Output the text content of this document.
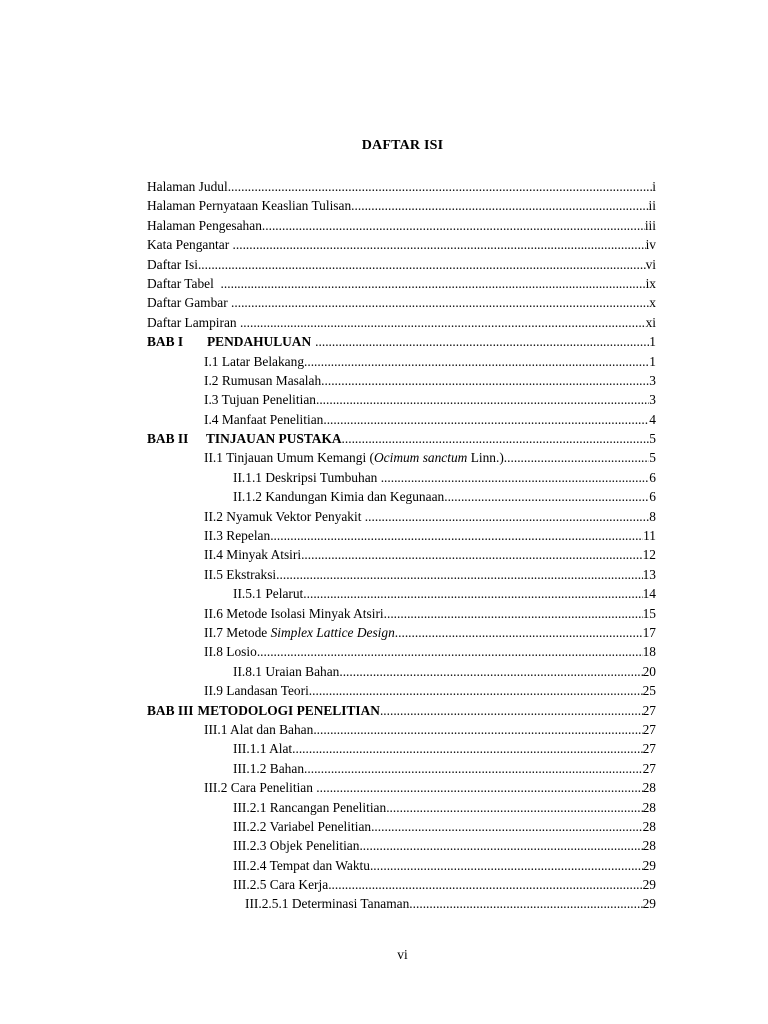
DAFTAR ISI
Halaman Judul .....	i
Halaman Pernyataan Keaslian Tulisan .....	ii
Halaman Pengesahan .....	iii
Kata Pengantar .....	iv
Daftar Isi .....	vi
Daftar Tabel .....	ix
Daftar Gambar .....	x
Daftar Lampiran .....	xi
BAB I PENDAHULUAN .....	1
I.1 Latar Belakang .....	1
I.2 Rumusan Masalah .....	3
I.3 Tujuan Penelitian .....	3
I.4 Manfaat Penelitian .....	4
BAB II TINJAUAN PUSTAKA .....	5
II.1 Tinjauan Umum Kemangi (Ocimum sanctum Linn.) .....	5
II.1.1 Deskripsi Tumbuhan .....	6
II.1.2 Kandungan Kimia dan Kegunaan .....	6
II.2 Nyamuk Vektor Penyakit .....	8
II.3 Repelan .....	11
II.4 Minyak Atsiri .....	12
II.5 Ekstraksi .....	13
II.5.1 Pelarut .....	14
II.6 Metode Isolasi Minyak Atsiri .....	15
II.7 Metode Simplex Lattice Design .....	17
II.8 Losio .....	18
II.8.1 Uraian Bahan .....	20
II.9 Landasan Teori .....	25
BAB III METODOLOGI PENELITIAN .....	27
III.1 Alat dan Bahan .....	27
III.1.1 Alat .....	27
III.1.2 Bahan .....	27
III.2 Cara Penelitian .....	28
III.2.1 Rancangan Penelitian .....	28
III.2.2 Variabel Penelitian .....	28
III.2.3 Objek Penelitian .....	28
III.2.4 Tempat dan Waktu .....	29
III.2.5 Cara Kerja .....	29
III.2.5.1 Determinasi Tanaman .....	29
vi
